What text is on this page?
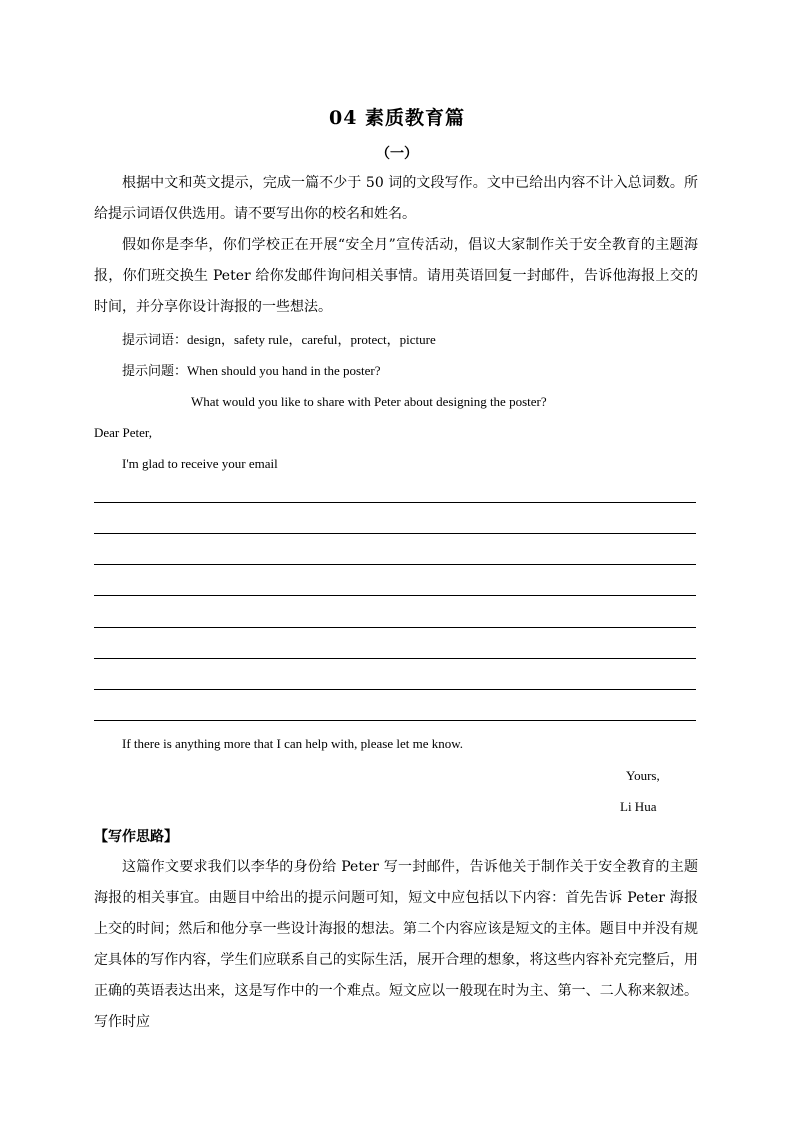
04 素质教育篇
（一）
根据中文和英文提示，完成一篇不少于 50 词的文段写作。文中已给出内容不计入总词数。所给提示词语仅供选用。请不要写出你的校名和姓名。
假如你是李华，你们学校正在开展“安全月”宣传活动，倡议大家制作关于安全教育的主题海报，你们班交换生 Peter 给你发邮件询问相关事情。请用英语回复一封邮件，告诉他海报上交的时间，并分享你设计海报的一些想法。
提示词语：design，safety rule，careful，protect，picture
提示问题：When should you hand in the poster?
What would you like to share with Peter about designing the poster?
Dear Peter,
I'm glad to receive your email
If there is anything more that I can help with, please let me know.
Yours,
Li Hua
【写作思路】
这篇作文要求我们以李华的身份给 Peter 写一封邮件，告诉他关于制作关于安全教育的主题海报的相关事宜。由题目中给出的提示问题可知，短文中应包括以下内容：首先告诉 Peter 海报上交的时间；然后和他分享一些设计海报的想法。第二个内容应该是短文的主体。题目中并没有规定具体的写作内容，学生们应联系自己的实际生活，展开合理的想象，将这些内容补充完整后，用正确的英语表达出来，这是写作中的一个难点。短文应以一般现在时为主、第一、二人称来叙述。写作时应
